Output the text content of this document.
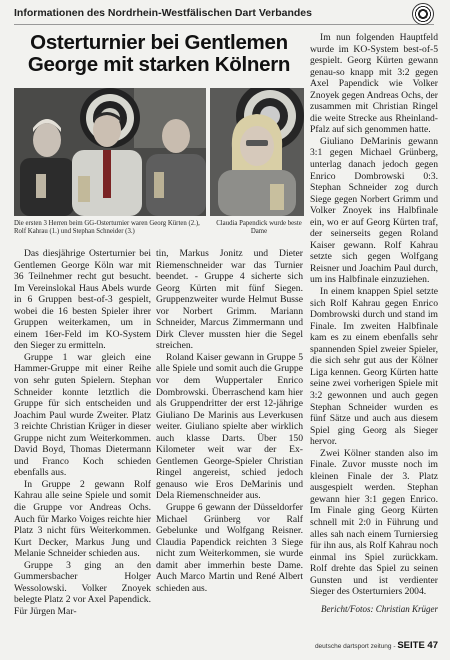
Informationen des Nordrhein-Westfälischen Dart Verbandes
Osterturnier bei Gentlemen George mit starken Kölnern
Die ersten 3 Herren beim GG-Osterturnier waren Georg Kürten (2.), Rolf Kahrau (1.) und Stephan Schneider (3.)
Claudia Papendick wurde beste Dame

Das diesjährige Osterturnier bei Gentlemen George Köln war mit 36 Teilnehmer recht gut besucht. Im Vereinslokal Haus Abels wurde in 6 Gruppen best-of-3 gespielt, wobei die 16 besten Spieler ihrer Gruppen weiterkamen, um in einem 16er-Feld im KO-System den Sieger zu ermitteln.

Gruppe 1 war gleich eine Hammer-Gruppe mit einer Reihe von sehr guten Spielern. Stephan Schneider konnte letztlich die Gruppe für sich entscheiden und Joachim Paul wurde Zweiter. Platz 3 reichte Christian Krüger in dieser Gruppe nicht zum Weiterkommen. David Boyd, Thomas Dietermann und Franco Koch schieden ebenfalls aus.

In Gruppe 2 gewann Rolf Kahrau alle seine Spiele und somit die Gruppe vor Andreas Ochs. Auch für Marko Voiges reichte hier Platz 3 nicht fürs Weiterkommen. Kurt Decker, Markus Jung und Melanie Schneider schieden aus.

Gruppe 3 ging an den Gummersbacher Holger Wessolowski. Volker Znoyek belegte Platz 2 vor Axel Papendick. Für Jürgen Mar-

tin, Markus Jonitz und Dieter Riemenschneider war das Turnier beendet. - Gruppe 4 sicherte sich Georg Kürten mit fünf Siegen. Gruppenzweiter wurde Helmut Busse vor Norbert Grimm. Mariann Schneider, Marcus Zimmermann und Dirk Clever mussten hier die Segel streichen.

Roland Kaiser gewann in Gruppe 5 alle Spiele und somit auch die Gruppe vor dem Wuppertaler Enrico Dombrowski. Überraschend kam hier als Gruppendritter der erst 12-jährige Giuliano De Marinis aus Leverkusen weiter. Giuliano spielte aber wirklich auch klasse Darts. Über 150 Kilometer weit war der Ex-Gentlemen George-Spieler Christian Ringel angereist, schied jedoch genauso wie Eros DeMarinis und Dela Riemenschneider aus.

Gruppe 6 gewann der Düsseldorfer Michael Grünberg vor Ralf Gebelunke und Wolfgang Reisner. Claudia Papendick reichten 3 Siege nicht zum Weiterkommen, sie wurde damit aber immerhin beste Dame. Auch Marco Martin und René Albert schieden aus.

Im nun folgenden Hauptfeld wurde im KO-System best-of-5 gespielt. Georg Kürten gewann genau-so knapp mit 3:2 gegen Axel Papendick wie Volker Znoyek gegen Andreas Ochs, der zusammen mit Christian Ringel die weite Strecke aus Rheinland-Pfalz auf sich genommen hatte.

Giuliano DeMarinis gewann 3:1 gegen Michael Grünberg, unterlag danach jedoch gegen Enrico Dombrowski 0:3. Stephan Schneider zog durch Siege gegen Norbert Grimm und Volker Znoyek ins Halbfinale ein, wo er auf Georg Kürten traf, der seinerseits gegen Roland Kaiser gewann. Rolf Kahrau setzte sich gegen Wolfgang Reisner und Joachim Paul durch, um ins Halbfinale einzuziehen.

In einem knappen Spiel setzte sich Rolf Kahrau gegen Enrico Dombrowski durch und stand im Finale. Im zweiten Halbfinale kam es zu einem ebenfalls sehr spannenden Spiel zweier Spieler, die sich sehr gut aus der Kölner Liga kennen. Georg Kürten hatte seine zwei vorherigen Spiele mit 3:2 gewonnen und auch gegen Stephan Schneider wurden es fünf Sätze und auch aus diesem Spiel ging Georg als Sieger hervor.

Zwei Kölner standen also im Finale. Zuvor musste noch im kleinen Finale der 3. Platz ausgespielt werden. Stephan gewann hier 3:1 gegen Enrico. Im Finale ging Georg Kürten schnell mit 2:0 in Führung und alles sah nach einem Turniersieg für ihn aus, als Rolf Kahrau noch einmal ins Spiel zurückkam. Rolf drehte das Spiel zu seinen Gunsten und ist verdienter Sieger des Osterturniers 2004.

Bericht/Fotos: Christian Krüger

deutsche dartsport zeitung - SEITE 47
